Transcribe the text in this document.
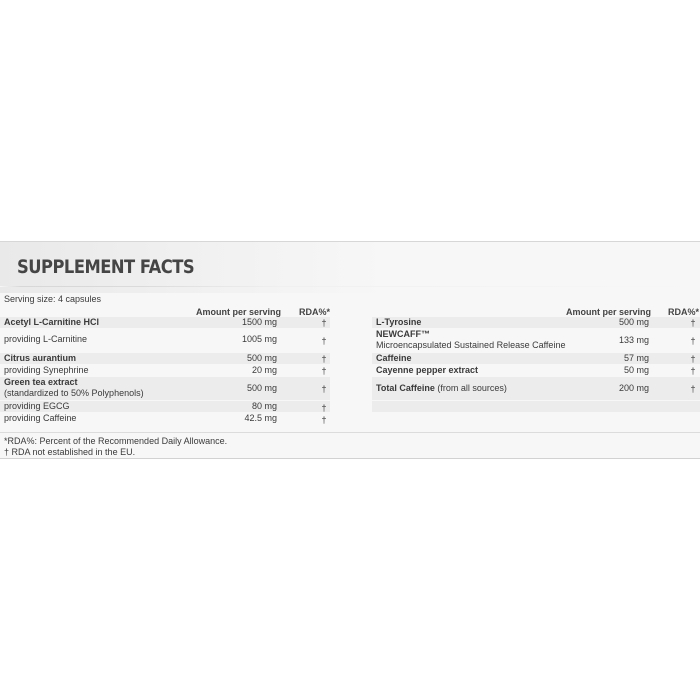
SUPPLEMENT FACTS
Serving size: 4 capsules
Amount per serving RDA%*	Amount per serving RDA%*
Acetyl L-Carnitine HCl	1500 mg	†
providing L-Carnitine	1005 mg	†
Citrus aurantium	500 mg	†
providing Synephrine	20 mg	†
Green tea extract
(standardized to 50% Polyphenols)	500 mg	†
providing EGCG	80 mg	†
providing Caffeine	42.5 mg	†
L-Tyrosine	500 mg	†
NEWCAFF™
Microencapsulated Sustained Release Caffeine	133 mg	†
Caffeine	57 mg	†
Cayenne pepper extract	50 mg	†
Total Caffeine (from all sources)	200 mg	†
*RDA%: Percent of the Recommended Daily Allowance.
† RDA not established in the EU.
